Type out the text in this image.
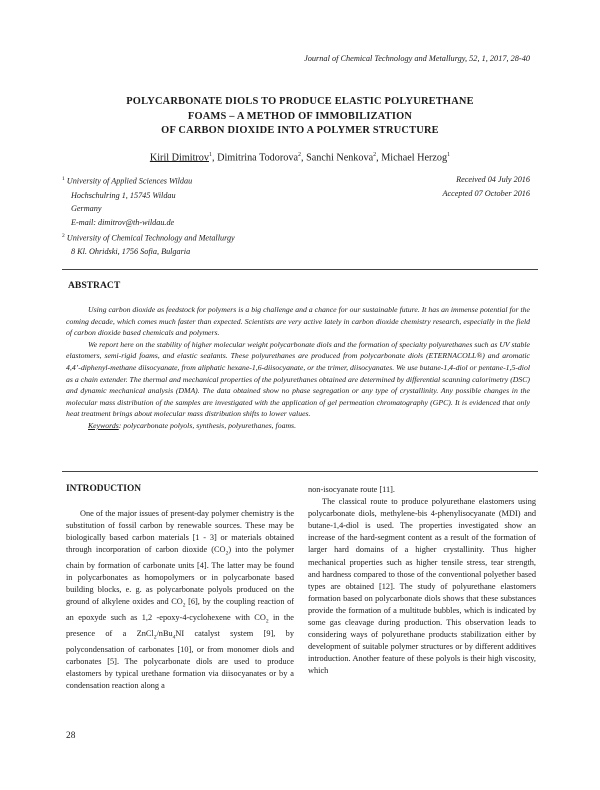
Journal of Chemical Technology and Metallurgy, 52, 1, 2017, 28-40
POLYCARBONATE DIOLS TO PRODUCE ELASTIC POLYURETHANE
FOAMS – A METHOD OF IMMOBILIZATION
OF CARBON DIOXIDE INTO A POLYMER STRUCTURE
Kiril Dimitrov$^1$, Dimitrina Todorova$^2$, Sanchi Nenkova$^2$, Michael Herzog$^1$
$^1$ University of Applied Sciences Wildau
Hochschulring 1, 15745 Wildau
Germany
E-mail: dimitrov@th-wildau.de
$^2$ University of Chemical Technology and Metallurgy
8 Kl. Ohridski, 1756 Sofia, Bulgaria
Received 04 July 2016
Accepted 07 October 2016
ABSTRACT

Using carbon dioxide as feedstock for polymers is a big challenge and a chance for our sustainable future. It has an immense potential for the coming decade, which comes much faster than expected. Scientists are very active lately in carbon dioxide chemistry research, especially in the field of carbon dioxide based chemicals and polymers.

We report here on the stability of higher molecular weight polycarbonate diols and the formation of specialty polyurethanes such as UV stable elastomers, semi-rigid foams, and elastic sealants. These polyurethanes are produced from polycarbonate diols (ETERNACOLL®) and aromatic 4,4’-diphenyl-methane diisocyanate, from aliphatic hexane-1,6-diisocyanate, or the trimer, diisocyanates. We use butane-1,4-diol or pentane-1,5-diol as a chain extender. The thermal and mechanical properties of the polyurethanes obtained are determined by differential scanning calorimetry (DSC) and dynamic mechanical analysis (DMA). The data obtained show no phase segregation or any type of crystallinity. Any possible changes in the molecular mass distribution of the samples are investigated with the application of gel permeation chromatography (GPC). It is evidenced that only heat treatment brings about molecular mass distribution shifts to lower values.

Keywords: polycarbonate polyols, synthesis, polyurethanes, foams.

INTRODUCTION

One of the major issues of present-day polymer chemistry is the substitution of fossil carbon by renewable sources. These may be biologically based carbon materials [1 - 3] or materials obtained through incorporation of carbon dioxide $(CO_2)$ into the polymer chain by formation of carbonate units [4]. The latter may be found in polycarbonates as homopolymers or in polycarbonate based building blocks, e. g. as polycarbonate polyols produced on the ground of alkylene oxides and $CO_2$ [6], by the coupling reaction of an epoxyde such as 1,2 -epoxy-4-cyclohexene with $CO_2$ in the presence of a ZnCl$_2$/nBu$_4$NI catalyst system [9], by polycondensation of carbonates [10], or from monomer diols and carbonates [5]. The polycarbonate diols are used to produce elastomers by typical urethane formation via diisocyanates or by a condensation reaction along a

non-isocyanate route [11].

The classical route to produce polyurethane elastomers using polycarbonate diols, methylene-bis 4-phenylisocyanate (MDI) and butane-1,4-diol is used. The properties investigated show an increase of the hard-segment content as a result of the formation of larger hard domains of a higher crystallinity. Thus higher mechanical properties such as higher tensile stress, tear strength, and hardness compared to those of the conventional polyether based types are obtained [12]. The study of polyurethane elastomers formation based on polycarbonate diols shows that these substances provide the formation of a multitude bubbles, which is indicated by some gas cleavage during production. This observation leads to considering ways of polyurethane products stabilization either by development of suitable polymer structures or by different additives introduction. Another feature of these polyols is their high viscosity, which

28
